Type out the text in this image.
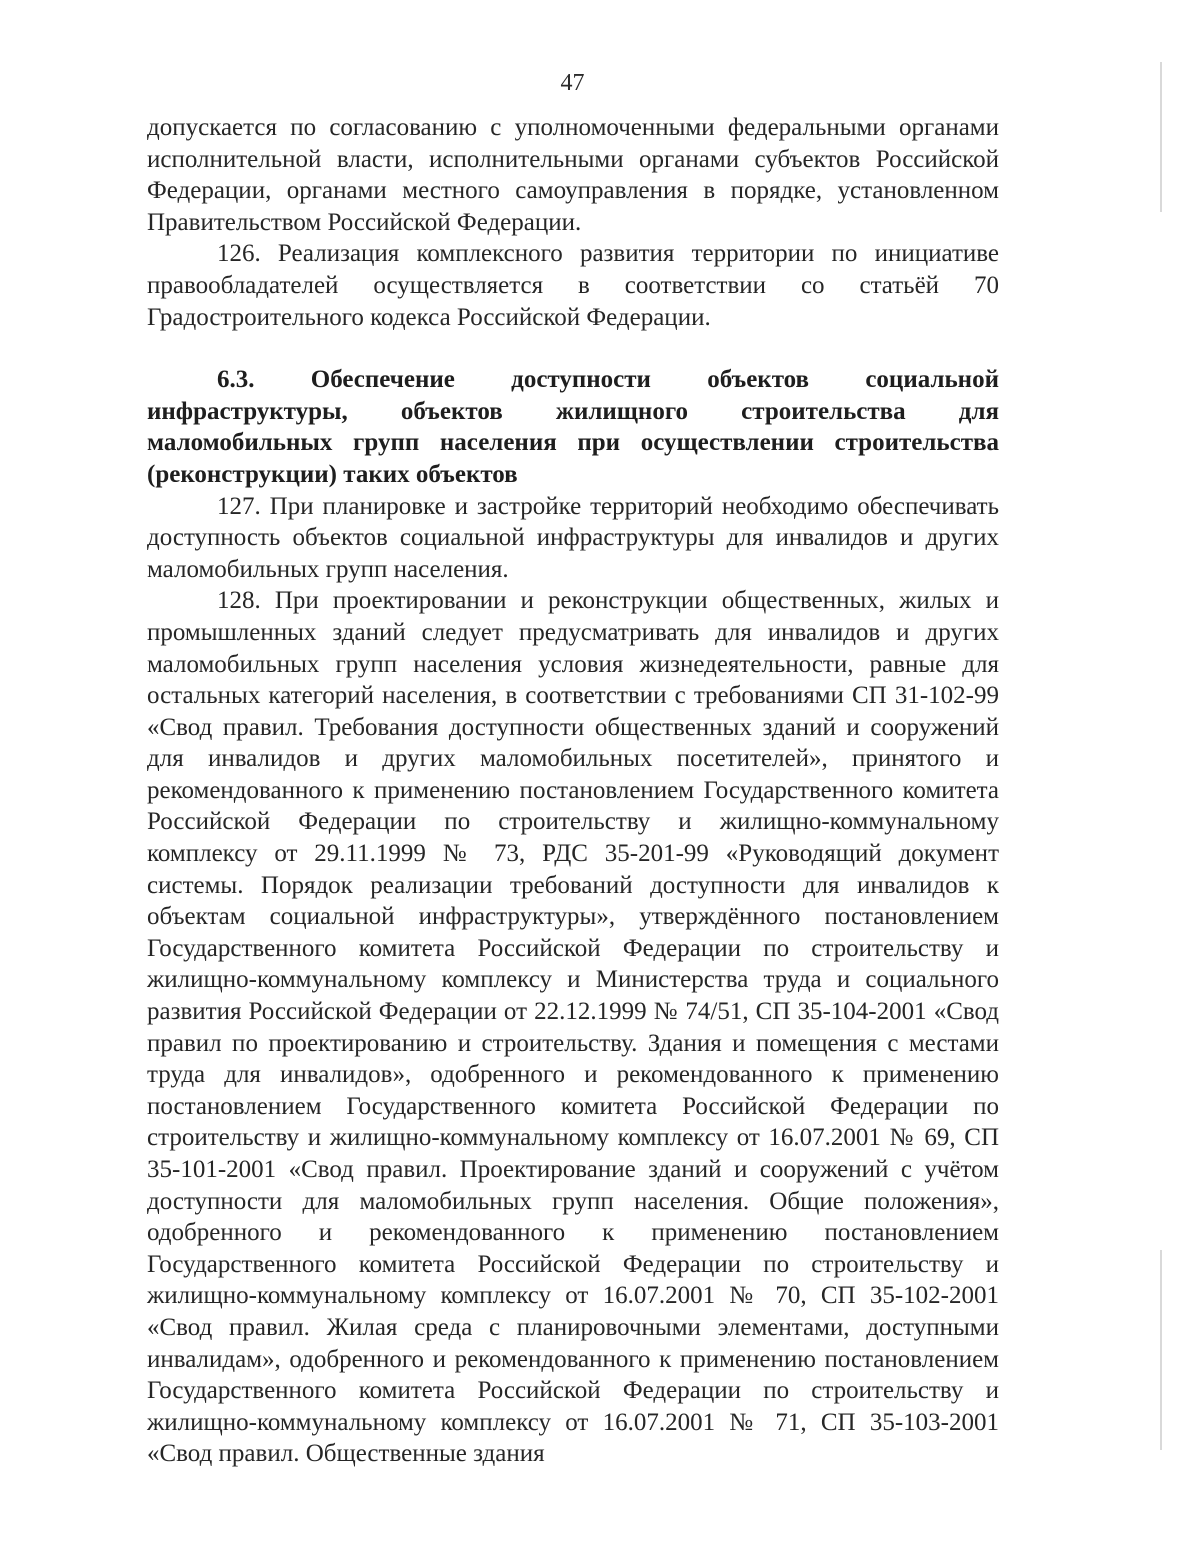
47

допускается по согласованию с уполномоченными федеральными органами исполнительной власти, исполнительными органами субъектов Российской Федерации, органами местного самоуправления в порядке, установленном Правительством Российской Федерации.

126. Реализация комплексного развития территории по инициативе правообладателей осуществляется в соответствии со статьёй 70 Градостроительного кодекса Российской Федерации.

6.3. Обеспечение доступности объектов социальной инфраструктуры, объектов жилищного строительства для маломобильных групп населения при осуществлении строительства (реконструкции) таких объектов

127. При планировке и застройке территорий необходимо обеспечивать доступность объектов социальной инфраструктуры для инвалидов и других маломобильных групп населения.

128. При проектировании и реконструкции общественных, жилых и промышленных зданий следует предусматривать для инвалидов и других маломобильных групп населения условия жизнедеятельности, равные для остальных категорий населения, в соответствии с требованиями СП 31-102-99 «Свод правил. Требования доступности общественных зданий и сооружений для инвалидов и других маломобильных посетителей», принятого и рекомендованного к применению постановлением Государственного комитета Российской Федерации по строительству и жилищно-коммунальному комплексу от 29.11.1999 № 73, РДС 35-201-99 «Руководящий документ системы. Порядок реализации требований доступности для инвалидов к объектам социальной инфраструктуры», утверждённого постановлением Государственного комитета Российской Федерации по строительству и жилищно-коммунальному комплексу и Министерства труда и социального развития Российской Федерации от 22.12.1999 № 74/51, СП 35-104-2001 «Свод правил по проектированию и строительству. Здания и помещения с местами труда для инвалидов», одобренного и рекомендованного к применению постановлением Государственного комитета Российской Федерации по строительству и жилищно-коммунальному комплексу от 16.07.2001 № 69, СП 35-101-2001 «Свод правил. Проектирование зданий и сооружений с учётом доступности для маломобильных групп населения. Общие положения», одобренного и рекомендованного к применению постановлением Государственного комитета Российской Федерации по строительству и жилищно-коммунальному комплексу от 16.07.2001 № 70, СП 35-102-2001 «Свод правил. Жилая среда с планировочными элементами, доступными инвалидам», одобренного и рекомендованного к применению постановлением Государственного комитета Российской Федерации по строительству и жилищно-коммунальному комплексу от 16.07.2001 № 71, СП 35-103-2001 «Свод правил. Общественные здания
